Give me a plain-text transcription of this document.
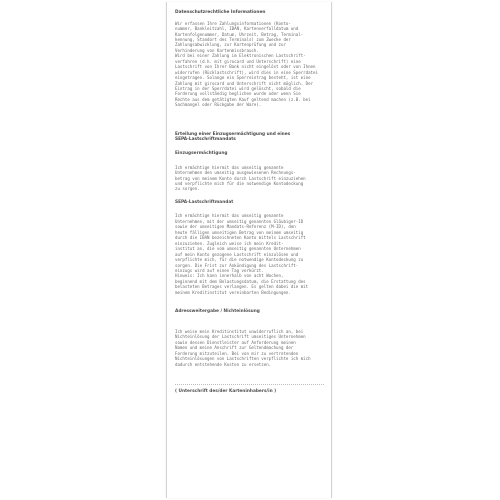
Datenschutzrechtliche Informationen

Wir erfassen Ihre Zahlungsinformationen (Konto-
nummer, Bankleitzahl, IBAN, Kartenverfalldatum und
Kartenfolgenummer, Datum, Uhrzeit, Betrag, Terminal-
kennung, Standort des Terminals) zum Zwecke der
Zahlungsabwicklung, zur Kartenprüfung und zur
Verhinderung von Kartenmissbrauch.
Wird bei einer Zahlung im Elektronischen Lastschrift-
verfahren (d.h. mit girocard und Unterschrift) eine
Lastschrift von Ihrer Bank nicht eingelöst oder von Ihnen
widerrufen (Rücklastschrift), wird dies in eine Sperrdatei
eingetragen. Solange ein Sperreintrag besteht, ist eine
Zahlung mit girocard und Unterschrift nicht möglich. Der
Eintrag in der Sperrdatei wird gelöscht, sobald die
Forderung vollständig beglichen wurde oder wenn Sie
Rechte aus dem getätigten Kauf geltend machen (z.B. bei
Sachmangel oder Rückgabe der Ware).

Erteilung einer Einzugsermächtigung und eines

SEPA-Lastschriftmandats

Einzugsermächtigung

Ich ermächtige hiermit das umseitig genannte
Unternehmen den umseitig ausgewiesenen Rechnungs-
betrag von meinem Konto durch Lastschrift einzuziehen
und verpflichte mich für die notwendige Kontodeckung
zu sorgen.

SEPA-Lastschriftmandat

Ich ermächtige hiermit das umseitig genannte
Unternehmen, mit der umseitig genannten Gläubiger-ID
sowie der umseitigen Mandats-Referenz (M-ID), den
heute fälligen umseitigen Betrag von meinem umseitig
durch die IBAN bezeichneten Konto mittels Lastschrift
einzuziehen. Zugleich weise ich mein Kredit-
institut an, die vom umseitig genannten Unternehmen
auf mein Konto gezogene Lastschrift einzulösen und
verpflichte mich, für die notwendige Kontodeckung zu
sorgen. Die Frist zur Ankündigung des Lastschrift-
einzugs wird auf einen Tag verkürzt.
Hinweis: Ich kann innerhalb von acht Wochen,
beginnend mit dem Belastungsdatum, die Erstattung des
belasteten Betrages verlangen. Es gelten dabei die mit
meinem Kreditinstitut vereinbarten Bedingungen.

Adressweitergabe / Nichteinlösung

Ich weise mein Kreditinstitut unwiderruflich an, bei
Nichteinlösung der Lastschrift umseitiges Unternehmen
sowie dessen Dienstleister auf Anforderung meinen
Namen und meine Anschrift zur Geltendmachung der
Forderung mitzuteilen. Bei von mir zu vertretenden
Nichteinlösungen von Lastschriften verpflichte ich mich
dadurch entstehende Kosten zu ersetzen.

( Unterschrift des/der Karteninhabers/in )
